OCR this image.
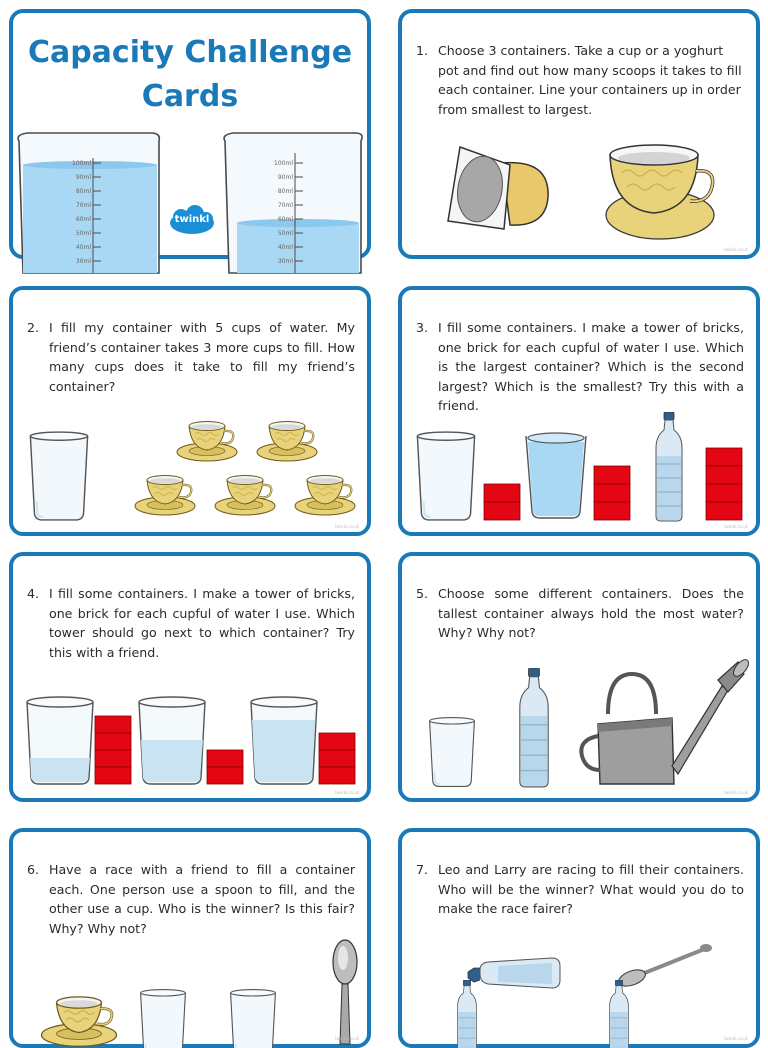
Capacity Challenge
Cards
100ml
90ml
80ml
70ml
60ml
50ml
40ml
30ml
100ml
90ml
80ml
70ml
60ml
50ml
40ml
30ml
twinkl
1. Choose 3 containers. Take a cup or a yoghurt pot and find out how many scoops it takes to fill each container. Line your containers up in order from smallest to largest.
twinkl.co.uk
2. I fill my container with 5 cups of water. My friend’s container takes 3 more cups to fill. How many cups does it take to fill my friend’s container?
twinkl.co.uk
3. I fill some containers. I make a tower of bricks, one brick for each cupful of water I use. Which is the largest container? Which is the second largest? Which is the smallest? Try this with a friend.
twinkl.co.uk
4. I fill some containers. I make a tower of bricks, one brick for each cupful of water I use. Which tower should go next to which container? Try this with a friend.
twinkl.co.uk
5. Choose some different containers. Does the tallest container always hold the most water? Why? Why not?
twinkl.co.uk
6. Have a race with a friend to fill a container each. One person use a spoon to fill, and the other use a cup. Who is the winner? Is this fair? Why? Why not?
twinkl.co.uk
7. Leo and Larry are racing to fill their containers. Who will be the winner? What would you do to make the race fairer?
twinkl.co.uk
